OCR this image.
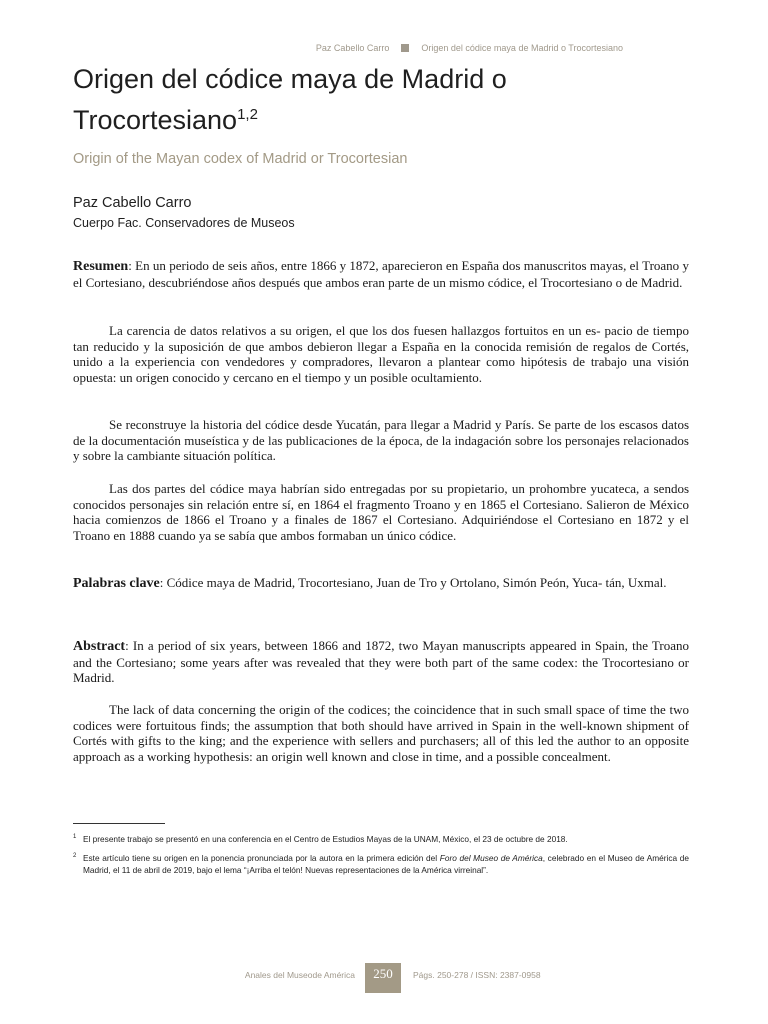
Paz Cabello Carro	Origen del códice maya de Madrid o Trocortesiano
Origen del códice maya de Madrid o Trocortesiano$^{1,2}$
Origin of the Mayan codex of Madrid or Trocortesian
Paz Cabello Carro
Cuerpo Fac. Conservadores de Museos

Resumen: En un periodo de seis años, entre 1866 y 1872, aparecieron en España dos manuscritos mayas, el Troano y el Cortesiano, descubriéndose años después que ambos eran parte de un mismo códice, el Trocortesiano o de Madrid.

La carencia de datos relativos a su origen, el que los dos fuesen hallazgos fortuitos en un es- pacio de tiempo tan reducido y la suposición de que ambos debieron llegar a España en la conocida remisión de regalos de Cortés, unido a la experiencia con vendedores y compradores, llevaron a plantear como hipótesis de trabajo una visión opuesta: un origen conocido y cercano en el tiempo y un posible ocultamiento.

Se reconstruye la historia del códice desde Yucatán, para llegar a Madrid y París. Se parte de los escasos datos de la documentación museística y de las publicaciones de la época, de la indagación sobre los personajes relacionados y sobre la cambiante situación política.

Las dos partes del códice maya habrían sido entregadas por su propietario, un prohombre yucateca, a sendos conocidos personajes sin relación entre sí, en 1864 el fragmento Troano y en 1865 el Cortesiano. Salieron de México hacia comienzos de 1866 el Troano y a finales de 1867 el Cortesiano. Adquiriéndose el Cortesiano en 1872 y el Troano en 1888 cuando ya se sabía que ambos formaban un único códice.

Palabras clave: Códice maya de Madrid, Trocortesiano, Juan de Tro y Ortolano, Simón Peón, Yuca- tán, Uxmal.

Abstract: In a period of six years, between 1866 and 1872, two Mayan manuscripts appeared in Spain, the Troano and the Cortesiano; some years after was revealed that they were both part of the same codex: the Trocortesiano or Madrid.

The lack of data concerning the origin of the codices; the coincidence that in such small space of time the two codices were fortuitous finds; the assumption that both should have arrived in Spain in the well-known shipment of Cortés with gifts to the king; and the experience with sellers and purchasers; all of this led the author to an opposite approach as a working hypothesis: an origin well known and close in time, and a possible concealment.

1 El presente trabajo se presentó en una conferencia en el Centro de Estudios Mayas de la UNAM, México, el 23 de octubre de 2018.
2 Este artículo tiene su origen en la ponencia pronunciada por la autora en la primera edición del Foro del Museo de América, celebrado en el Museo de América de Madrid, el 11 de abril de 2019, bajo el lema “¡Arriba el telón! Nuevas representaciones de la América virreinal”.
Anales del Museode América	250	Págs. 250-278 / ISSN: 2387-0958
